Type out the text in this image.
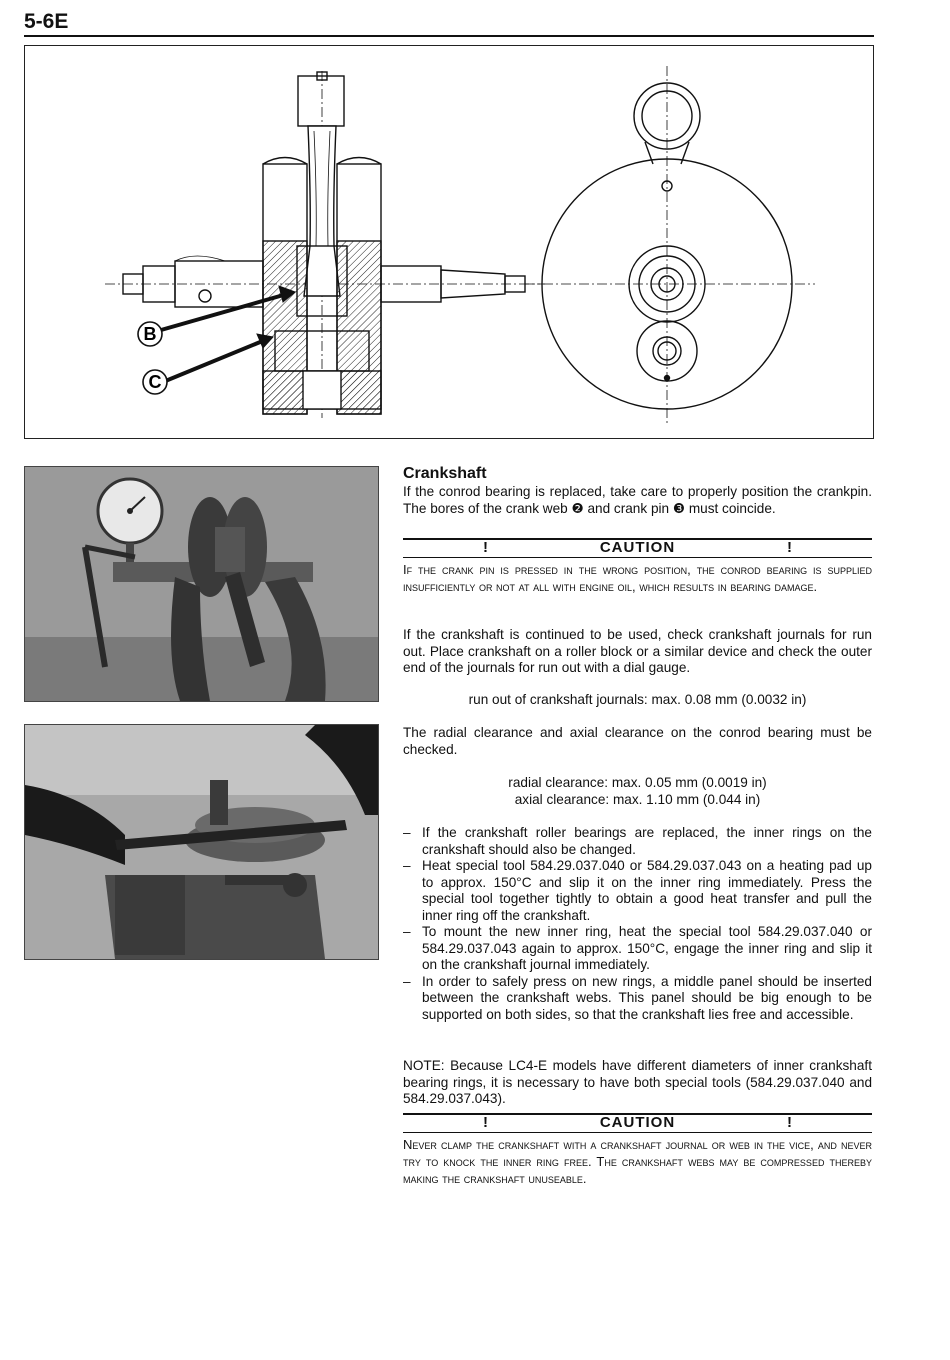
5-6E
B
C
Crankshaft

If the conrod bearing is replaced, take care to properly position the crankpin. The bores of the crank web ❷ and crank pin ❸ must coincide.

!	CAUTION	!

If the crank pin is pressed in the wrong position, the conrod bearing is supplied insufficiently or not at all with engine oil, which results in bearing damage.

If the crankshaft is continued to be used, check crankshaft journals for run out. Place crankshaft on a roller block or a similar device and check the outer end of the journals for run out with a dial gauge.

run out of crankshaft journals: max. 0.08 mm (0.0032 in)

The radial clearance and axial clearance on the conrod bearing must be checked.

radial clearance: max. 0.05 mm (0.0019 in)

axial clearance: max. 1.10 mm (0.044 in)

– If the crankshaft roller bearings are replaced, the inner rings on the crankshaft should also be changed.
– Heat special tool 584.29.037.040 or 584.29.037.043 on a heating pad up to approx. 150°C and slip it on the inner ring immediately. Press the special tool together tightly to obtain a good heat transfer and pull the inner ring off the crankshaft.
– To mount the new inner ring, heat the special tool 584.29.037.040 or 584.29.037.043 again to approx. 150°C, engage the inner ring and slip it on the crankshaft journal immediately.
– In order to safely press on new rings, a middle panel should be inserted between the crankshaft webs. This panel should be big enough to be supported on both sides, so that the crankshaft lies free and accessible.

NOTE: Because LC4-E models have different diameters of inner crankshaft bearing rings, it is necessary to have both special tools (584.29.037.040 and 584.29.037.043).

!	CAUTION	!

Never clamp the crankshaft with a crankshaft journal or web in the vice, and never try to knock the inner ring free. The crankshaft webs may be compressed thereby making the crankshaft unuseable.
